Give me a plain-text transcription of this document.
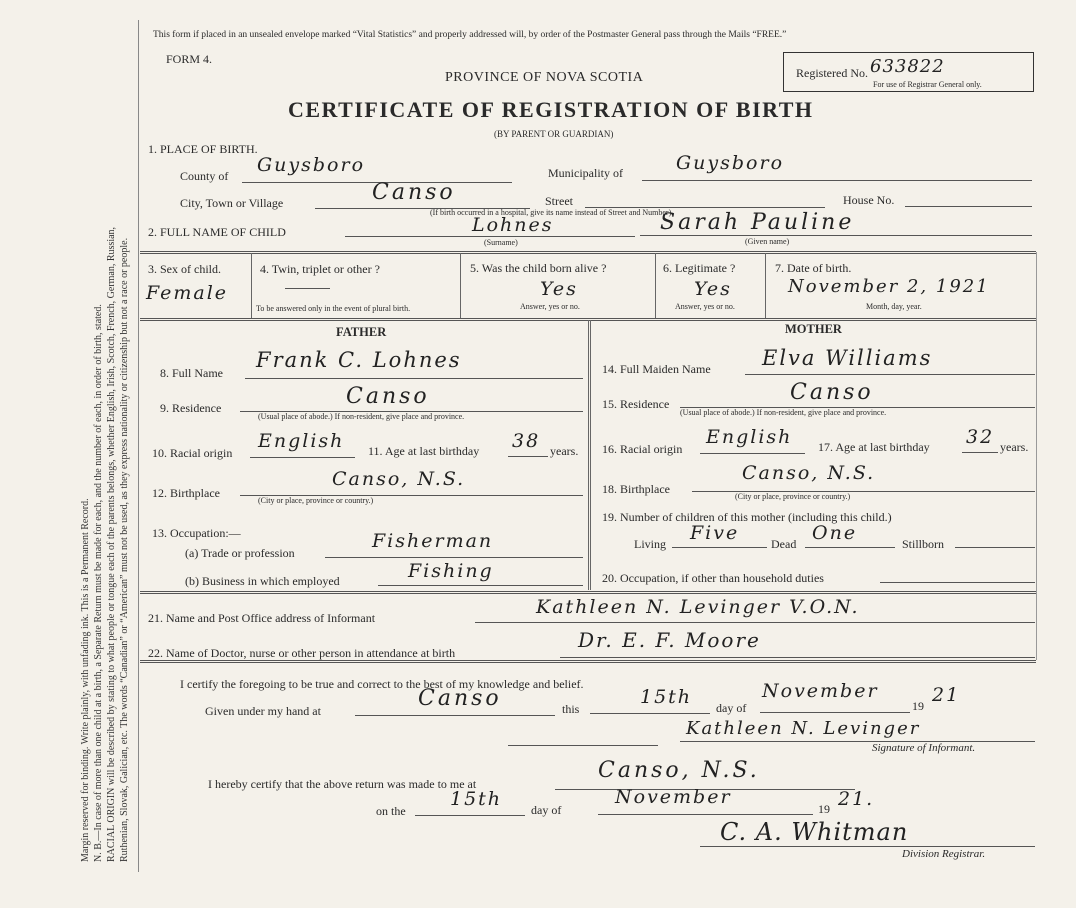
Margin reserved for binding. Write plainly, with unfading ink. This is a Permanent Record. N. B.—In case of more than one child at a birth, a Separate Return must be made for each, and the number of each, in order of birth, stated. RACIAL ORIGIN will be described by stating to what people or tongue each of the parents belongs, whether English, Irish, Scotch, French, German, Russian, Ruthenian, Slovak, Galician, etc. The words “Canadian” or “American” must not be used, as they express nationality or citizenship but not a race or people.
This form if placed in an unsealed envelope marked “Vital Statistics” and properly addressed will, by order of the Postmaster General pass through the Mails “FREE.”
FORM 4.
Registered No. 633822
For use of Registrar General only.
PROVINCE OF NOVA SCOTIA
CERTIFICATE OF REGISTRATION OF BIRTH
(BY PARENT OR GUARDIAN)
1. PLACE OF BIRTH.
County of Guysboro	Municipality of	Guysboro
City, Town or Village	Canso	Street	House No.
(If birth occurred in a hospital, give its name instead of Street and Number)
2. FULL NAME OF CHILD	Lohnes
(Surname)
Sarah Pauline
(Given name)
3. Sex of child.
Female
4. Twin, triplet or other ?
To be answered only in the event of plural birth.
5. Was the child born alive ?
Yes
Answer, yes or no.
6. Legitimate ?
Yes
Answer, yes or no.
7. Date of birth.
November 2, 1921
Month, day, year.
FATHER	MOTHER
8. Full Name
Frank C. Lohnes
9. Residence	Canso
(Usual place of abode.) If non-resident, give place and province.
10. Racial origin
English 11. Age at last birthday 38 years.
12. Birthplace
Canso, N.S.
(City or place, province or country.)
13. Occupation:—
(a) Trade or profession
Fisherman
(b) Business in which employed	Fishing
14. Full Maiden Name Elva Williams
15. Residence	Canso
(Usual place of abode.) If non-resident, give place and province.
16. Racial origin
English 17. Age at last birthday 32 years.
18. Birthplace
Canso, N.S.
(City or place, province or country.)
19. Number of children of this mother (including this child.)
Living Five	Dead One	Stillborn
20. Occupation, if other than household duties
21. Name and Post Office address of Informant	Kathleen N. Levinger V.O.N.
22. Name of Doctor, nurse or other person in attendance at birth
Dr. E. F. Moore
I certify the foregoing to be true and correct to the best of my knowledge and belief.
Given under my hand at	Canso	this
15th day of
November
19 21
Kathleen N. Levinger
Signature of Informant.
I hereby certify that the above return was made to me at
Canso, N.S.
on the
15th day of
November
19 21.
C. A. Whitman
Division Registrar.
